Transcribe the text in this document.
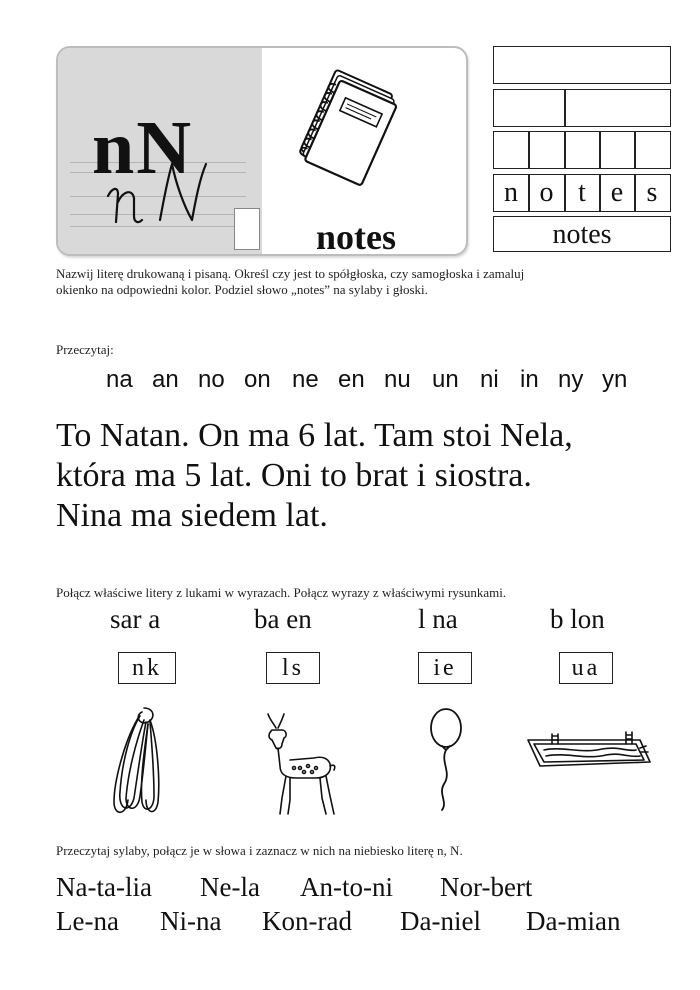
nN
notes
n o t e s
notes
Nazwij literę drukowaną i pisaną. Określ czy jest to spółgłoska, czy samogłoska i zamaluj
okienko na odpowiedni kolor. Podziel słowo „notes” na sylaby i głoski.
Przeczytaj:
na an no on ne en nu un ni in ny yn
To Natan. On ma 6 lat. Tam stoi Nela,
która ma 5 lat. Oni to brat i siostra.
Nina ma siedem lat.
Połącz właściwe litery z lukami w wyrazach. Połącz wyrazy z właściwymi rysunkami.
sar a	ba en	l na	b lon
nk	ls	ie	ua
Przeczytaj sylaby, połącz je w słowa i zaznacz w nich na niebiesko literę n, N.
Na-ta-lia Ne-la An-to-ni Nor-bert
Le-na Ni-na Kon-rad Da-niel Da-mian
